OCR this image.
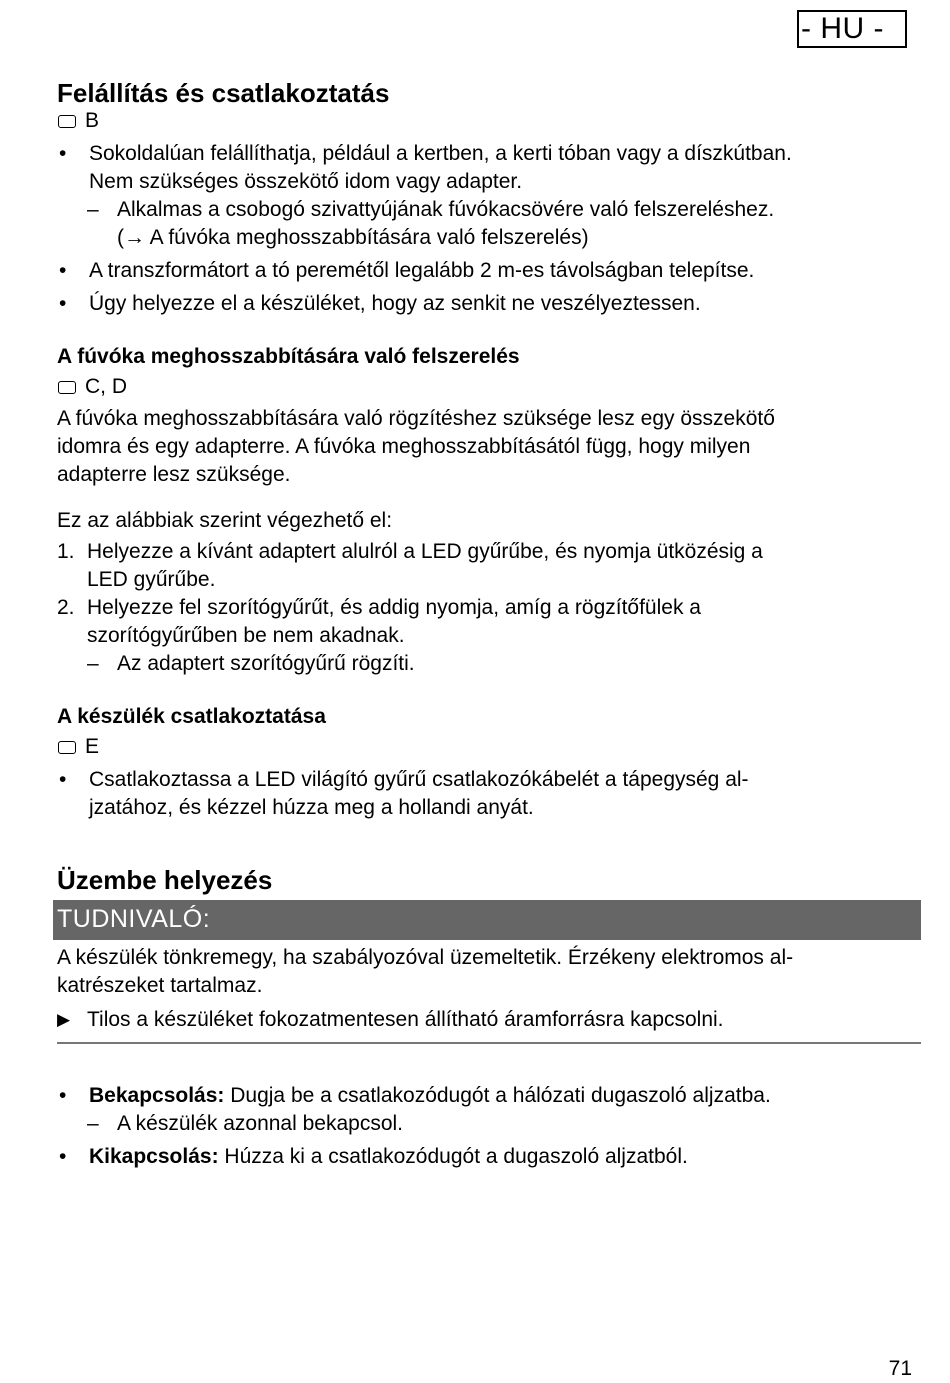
- HU -
Felállítás és csatlakoztatás
B
•	Sokoldalúan felállíthatja, például a kertben, a kerti tóban vagy a díszkútban.
Nem szükséges összekötő idom vagy adapter.
– Alkalmas a csobogó szivattyújának fúvókacsövére való felszereléshez.
(→ A fúvóka meghosszabbítására való felszerelés)
•	A transzformátort a tó peremétől legalább 2 m-es távolságban telepítse.
•	Úgy helyezze el a készüléket, hogy az senkit ne veszélyeztessen.
A fúvóka meghosszabbítására való felszerelés
C, D

A fúvóka meghosszabbítására való rögzítéshez szüksége lesz egy összekötő
idomra és egy adapterre. A fúvóka meghosszabbításától függ, hogy milyen
adapterre lesz szüksége.

Ez az alábbiak szerint végezhető el:

1. Helyezze a kívánt adaptert alulról a LED gyűrűbe, és nyomja ütközésig a
LED gyűrűbe.
2. Helyezze fel szorítógyűrűt, és addig nyomja, amíg a rögzítőfülek a
szorítógyűrűben be nem akadnak.
– Az adaptert szorítógyűrű rögzíti.
A készülék csatlakoztatása
E
•	Csatlakoztassa a LED világító gyűrű csatlakozókábelét a tápegység al-
jzatához, és kézzel húzza meg a hollandi anyát.
Üzembe helyezés
TUDNIVALÓ:

A készülék tönkremegy, ha szabályozóval üzemeltetik. Érzékeny elektromos al-
katrészeket tartalmaz.

▶ Tilos a készüléket fokozatmentesen állítható áramforrásra kapcsolni.
•	Bekapcsolás: Dugja be a csatlakozódugót a hálózati dugaszoló aljzatba.
– A készülék azonnal bekapcsol.
•	Kikapcsolás: Húzza ki a csatlakozódugót a dugaszoló aljzatból.
71
